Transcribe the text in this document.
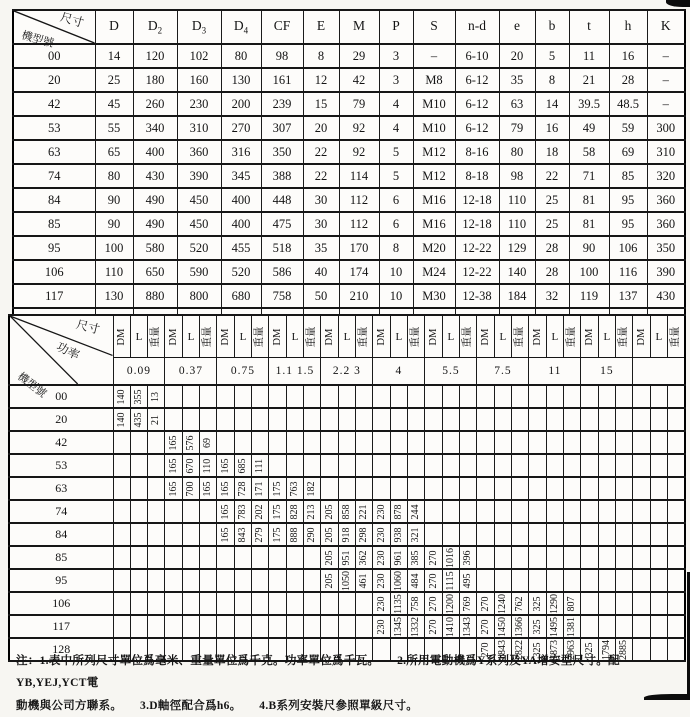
尺寸
機型號	D	$D_2$	$D_3$	$D_4$	CF	E	M	P	S	n-d	e	b	t	h	K
00	14	120	102	80	98	8	29	3	–	6-10	20	5	11	16	–
20	25	180	160	130	161	12	42	3	M8	6-12	35	8	21	28	–
42	45	260	230	200	239	15	79	4	M10	6-12	63	14	39.5	48.5	–
53	55	340	310	270	307	20	92	4	M10	6-12	79	16	49	59	300
63	65	400	360	316	350	22	92	5	M12	8-16	80	18	58	69	310
74	80	430	390	345	388	22	114	5	M12	8-18	98	22	71	85	320
84	90	490	450	400	448	30	112	6	M16	12-18	110	25	81	95	360
85	90	490	450	400	475	30	112	6	M16	12-18	110	25	81	95	360
95	100	580	520	455	518	35	170	8	M20	12-22	129	28	90	106	350
106	110	650	590	520	586	40	174	10	M24	12-22	140	28	100	116	390
117	130	880	800	680	758	50	210	10	M30	12-38	184	32	119	137	430

尺寸
功率
機型號	DM	L	重量	DM	L	重量	DM	L	重量	DM	L	重量	DM	L	重量	DM	L	重量	DM	L	重量	DM	L	重量	DM	L	重量	DM	L	重量	DM	L	重量

	0.09			0.37			0.75			1.1 1.5			2.2 3			4			5.5			7.5			11			15					
00	140	355	13																														

20	140	435	21																														

42				165	576	69																											

53				165	670	110	165	685	111																								

63				165	700	165	165	728	171	175	763	182																					

74							165	783	202	175	828	213	205	858	221	230	878	244															

84							165	843	279	175	888	290	205	918	298	230	938	321															

85													205	951	362	230	961	385	270	1016	396												

95													205	1050	461	230	1060	484	270	1115	495												

106																230	1135	758	270	1200	769	270	1240	762	325	1290	807						

117																230	1345	1332	270	1410	1343	270	1450	1366	325	1495	1381						

128																						270	1843	2822	325	1873	2963	325	1794	2885			

注：1.表中所列尺寸單位爲毫米、重量單位爲千克。功率單位爲千瓦。　　2.所用電動機爲Y系列及YA增安型尺寸。配YB,YEJ,YCT電
動機與公司方聯系。　　3.D軸徑配合爲h6。　　4.B系列安裝尺參照單級尺寸。
